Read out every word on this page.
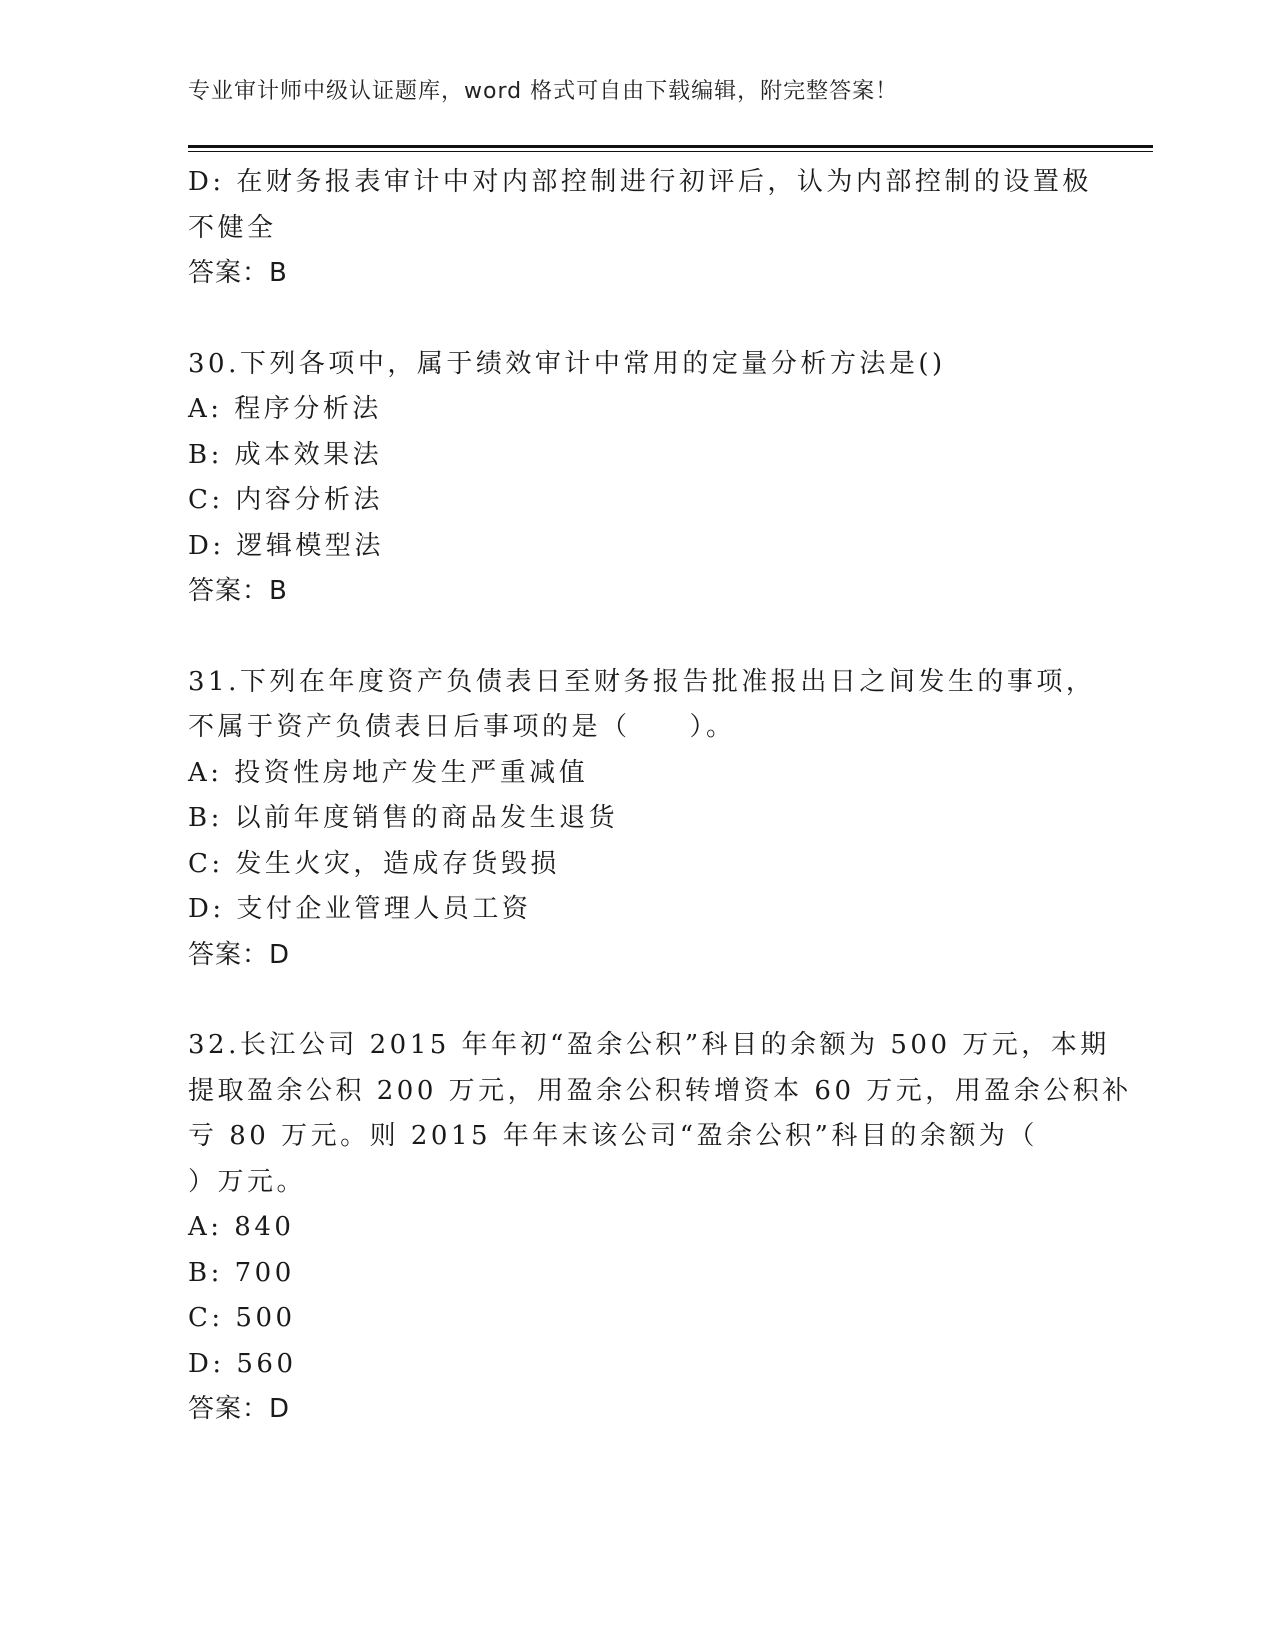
专业审计师中级认证题库，word 格式可自由下载编辑，附完整答案！
D: 在财务报表审计中对内部控制进行初评后，认为内部控制的设置极
不健全
答案：B
30.下列各项中，属于绩效审计中常用的定量分析方法是()
A: 程序分析法
B: 成本效果法
C: 内容分析法
D: 逻辑模型法
答案：B
31.下列在年度资产负债表日至财务报告批准报出日之间发生的事项，
不属于资产负债表日后事项的是（　　）。
A: 投资性房地产发生严重减值
B: 以前年度销售的商品发生退货
C: 发生火灾，造成存货毁损
D: 支付企业管理人员工资
答案：D
32.长江公司 2015 年年初“盈余公积”科目的余额为 500 万元，本期
提取盈余公积 200 万元，用盈余公积转增资本 60 万元，用盈余公积补
亏 80 万元。则 2015 年年末该公司“盈余公积”科目的余额为（
）万元。
A: 840
B: 700
C: 500
D: 560
答案：D
